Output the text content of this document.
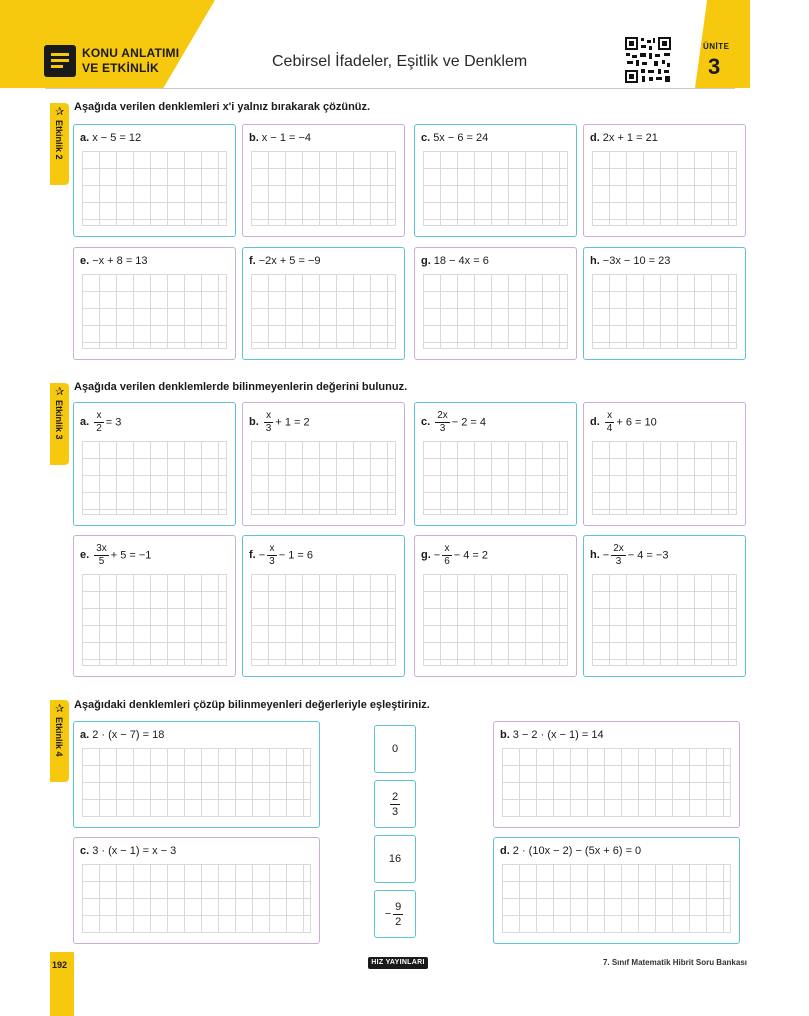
KONU ANLATIMI
VE ETKİNLİK	Cebirsel İfadeler, Eşitlik ve Denklem
ÜNİTE
3
✰
Etkinlik 2
Aşağıda verilen denklemleri x'i yalnız bırakarak çözünüz.
a. x − 5 = 12	b. x − 1 = −4	c. 5x − 6 = 24	d. 2x + 1 = 21
e. −x + 8 = 13	f. −2x + 5 = −9	g. 18 − 4x = 6	h. −3x − 10 = 23
✰
Etkinlik 3
Aşağıda verilen denklemlerde bilinmeyenlerin değerini bulunuz.
a. $\frac{x}{2} = 3$	b. $\frac{x}{3} + 1 = 2$	c. $\frac{2x}{3} - 2 = 4$	d. $\frac{x}{4} + 6 = 10$
e. $\frac{3x}{5} + 5 = -1$	f. − $\frac{x}{3} - 1 = 6$	g. − $\frac{x}{6} - 4 = 2$	h. − $\frac{2x}{3} - 4 = -3$
✰
Etkinlik 4
Aşağıdaki denklemleri çözüp bilinmeyenleri değerleriyle eşleştiriniz.
a. 2 · (x − 7) = 18	b. 3 − 2 · (x − 1) = 14
c. 3 · (x − 1) = x − 3	d. 2 · (10x − 2) − (5x + 6) = 0
0
$\frac{2}{3}$
16
− $\frac{9}{2}$
192	HIZ YAYINLARI	7. Sınıf Matematik Hibrit Soru Bankası
